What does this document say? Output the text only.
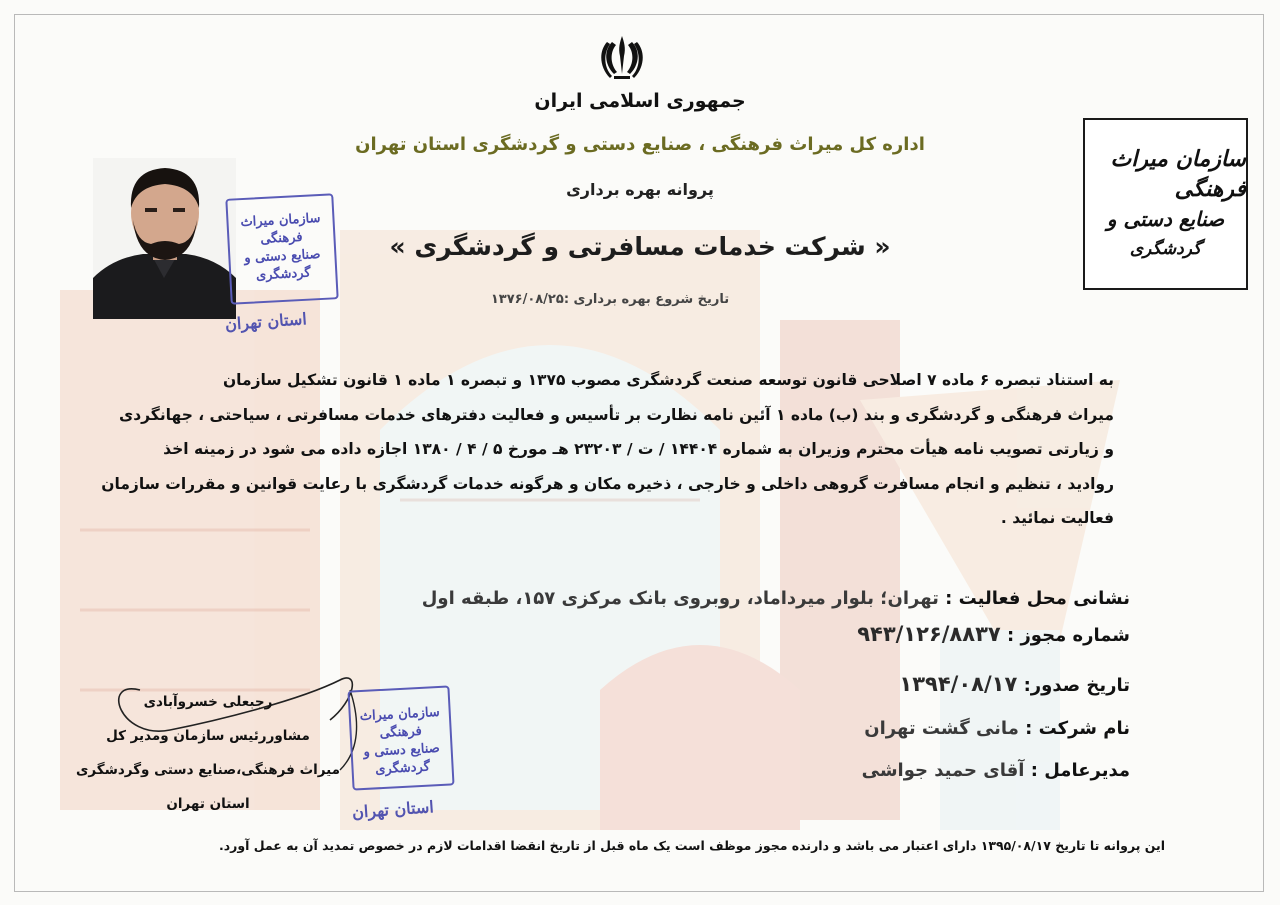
جمهوری اسلامی ایران
اداره کل میراث فرهنگی ، صنایع دستی و گردشگری استان تهران
پروانه بهره برداری
« شرکت خدمات مسافرتی و گردشگری »
تاریخ شروع بهره برداری :۱۳۷۶/۰۸/۲۵
سازمان میراث فرهنگی
صنایع دستی و گردشگری
استان تهران
سازمان میراث فرهنگی
صنایع دستی و
گردشگری
به استناد تبصره ۶ ماده ۷ اصلاحی قانون توسعه صنعت گردشگری مصوب ۱۳۷۵ و تبصره ۱ ماده ۱ قانون تشکیل سازمان
میراث فرهنگی و گردشگری و بند (ب) ماده ۱ آئین نامه نظارت بر تأسیس و فعالیت دفترهای خدمات مسافرتی ، سیاحتی ، جهانگردی
و زیارتی تصویب نامه هیأت محترم وزیران به شماره ۱۴۴۰۴ / ت / ۲۳۲۰۳ هـ مورخ ۵ / ۴ / ۱۳۸۰ اجازه داده می شود در زمینه اخذ
روادید ، تنظیم و انجام مسافرت گروهی داخلی و خارجی ، ذخیره مکان و هرگونه خدمات گردشگری با رعایت قوانین و مقررات سازمان
فعالیت نمائید .
نشانی محل فعالیت : تهران؛ بلوار میرداماد، روبروی بانک مرکزی ۱۵۷، طبقه اول
شماره مجوز : ۹۴۳/۱۲۶/۸۸۳۷
تاریخ صدور: ۱۳۹۴/۰۸/۱۷
نام شرکت : مانی گشت تهران
مدیرعامل : آقای حمید جواشی
سازمان میراث فرهنگی
صنایع دستی و گردشگری
استان تهران
رجبعلی خسروآبادی
مشاوررئیس سازمان ومدیر کل
میراث فرهنگی،صنایع دستی وگردشگری استان تهران
این پروانه تا تاریخ ۱۳۹۵/۰۸/۱۷ دارای اعتبار می باشد و دارنده مجوز موظف است یک ماه قبل از تاریخ انقضا اقدامات لازم در خصوص تمدید آن به عمل آورد.
